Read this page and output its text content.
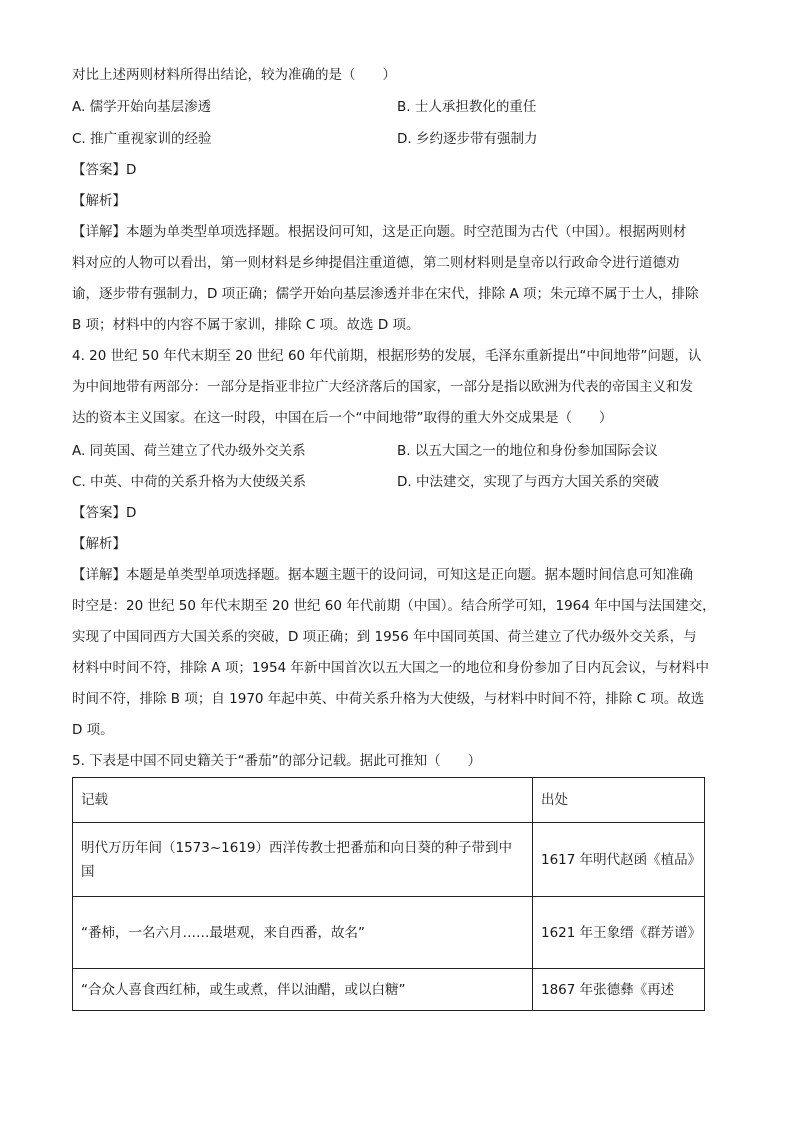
对比上述两则材料所得出结论，较为准确的是（　　）
A. 儒学开始向基层渗透	B. 士人承担教化的重任
C. 推广重视家训的经验	D. 乡约逐步带有强制力
【答案】D
【解析】
【详解】本题为单类型单项选择题。根据设问可知，这是正向题。时空范围为古代（中国）。根据两则材
料对应的人物可以看出，第一则材料是乡绅提倡注重道德，第二则材料则是皇帝以行政命令进行道德劝
谕，逐步带有强制力，D 项正确；儒学开始向基层渗透并非在宋代，排除 A 项；朱元璋不属于士人，排除
B 项；材料中的内容不属于家训，排除 C 项。故选 D 项。
4. 20 世纪 50 年代末期至 20 世纪 60 年代前期，根据形势的发展，毛泽东重新提出“中间地带”问题，认
为中间地带有两部分：一部分是指亚非拉广大经济落后的国家，一部分是指以欧洲为代表的帝国主义和发
达的资本主义国家。在这一时段，中国在后一个“中间地带”取得的重大外交成果是（　　）
A. 同英国、荷兰建立了代办级外交关系	B. 以五大国之一的地位和身份参加国际会议
C. 中英、中荷的关系升格为大使级关系	D. 中法建交，实现了与西方大国关系的突破
【答案】D
【解析】
【详解】本题是单类型单项选择题。据本题主题干的设问词，可知这是正向题。据本题时间信息可知准确
时空是：20 世纪 50 年代末期至 20 世纪 60 年代前期（中国）。结合所学可知，1964 年中国与法国建交，
实现了中国同西方大国关系的突破，D 项正确；到 1956 年中国同英国、荷兰建立了代办级外交关系，与
材料中时间不符，排除 A 项；1954 年新中国首次以五大国之一的地位和身份参加了日内瓦会议，与材料中
时间不符，排除 B 项；自 1970 年起中英、中荷关系升格为大使级，与材料中时间不符，排除 C 项。故选
D 项。
5. 下表是中国不同史籍关于“番茄”的部分记载。据此可推知（　　）
记载	出处
明代万历年间（1573~1619）西洋传教士把番茄和向日葵的种子带到中国	1617 年明代赵函《植品》
“番柿，一名六月……最堪观，来自西番，故名”	1621 年王象缙《群芳谱》
“合众人喜食西红柿，或生或煮，伴以油醋，或以白糖”	1867 年张德彝《再述
